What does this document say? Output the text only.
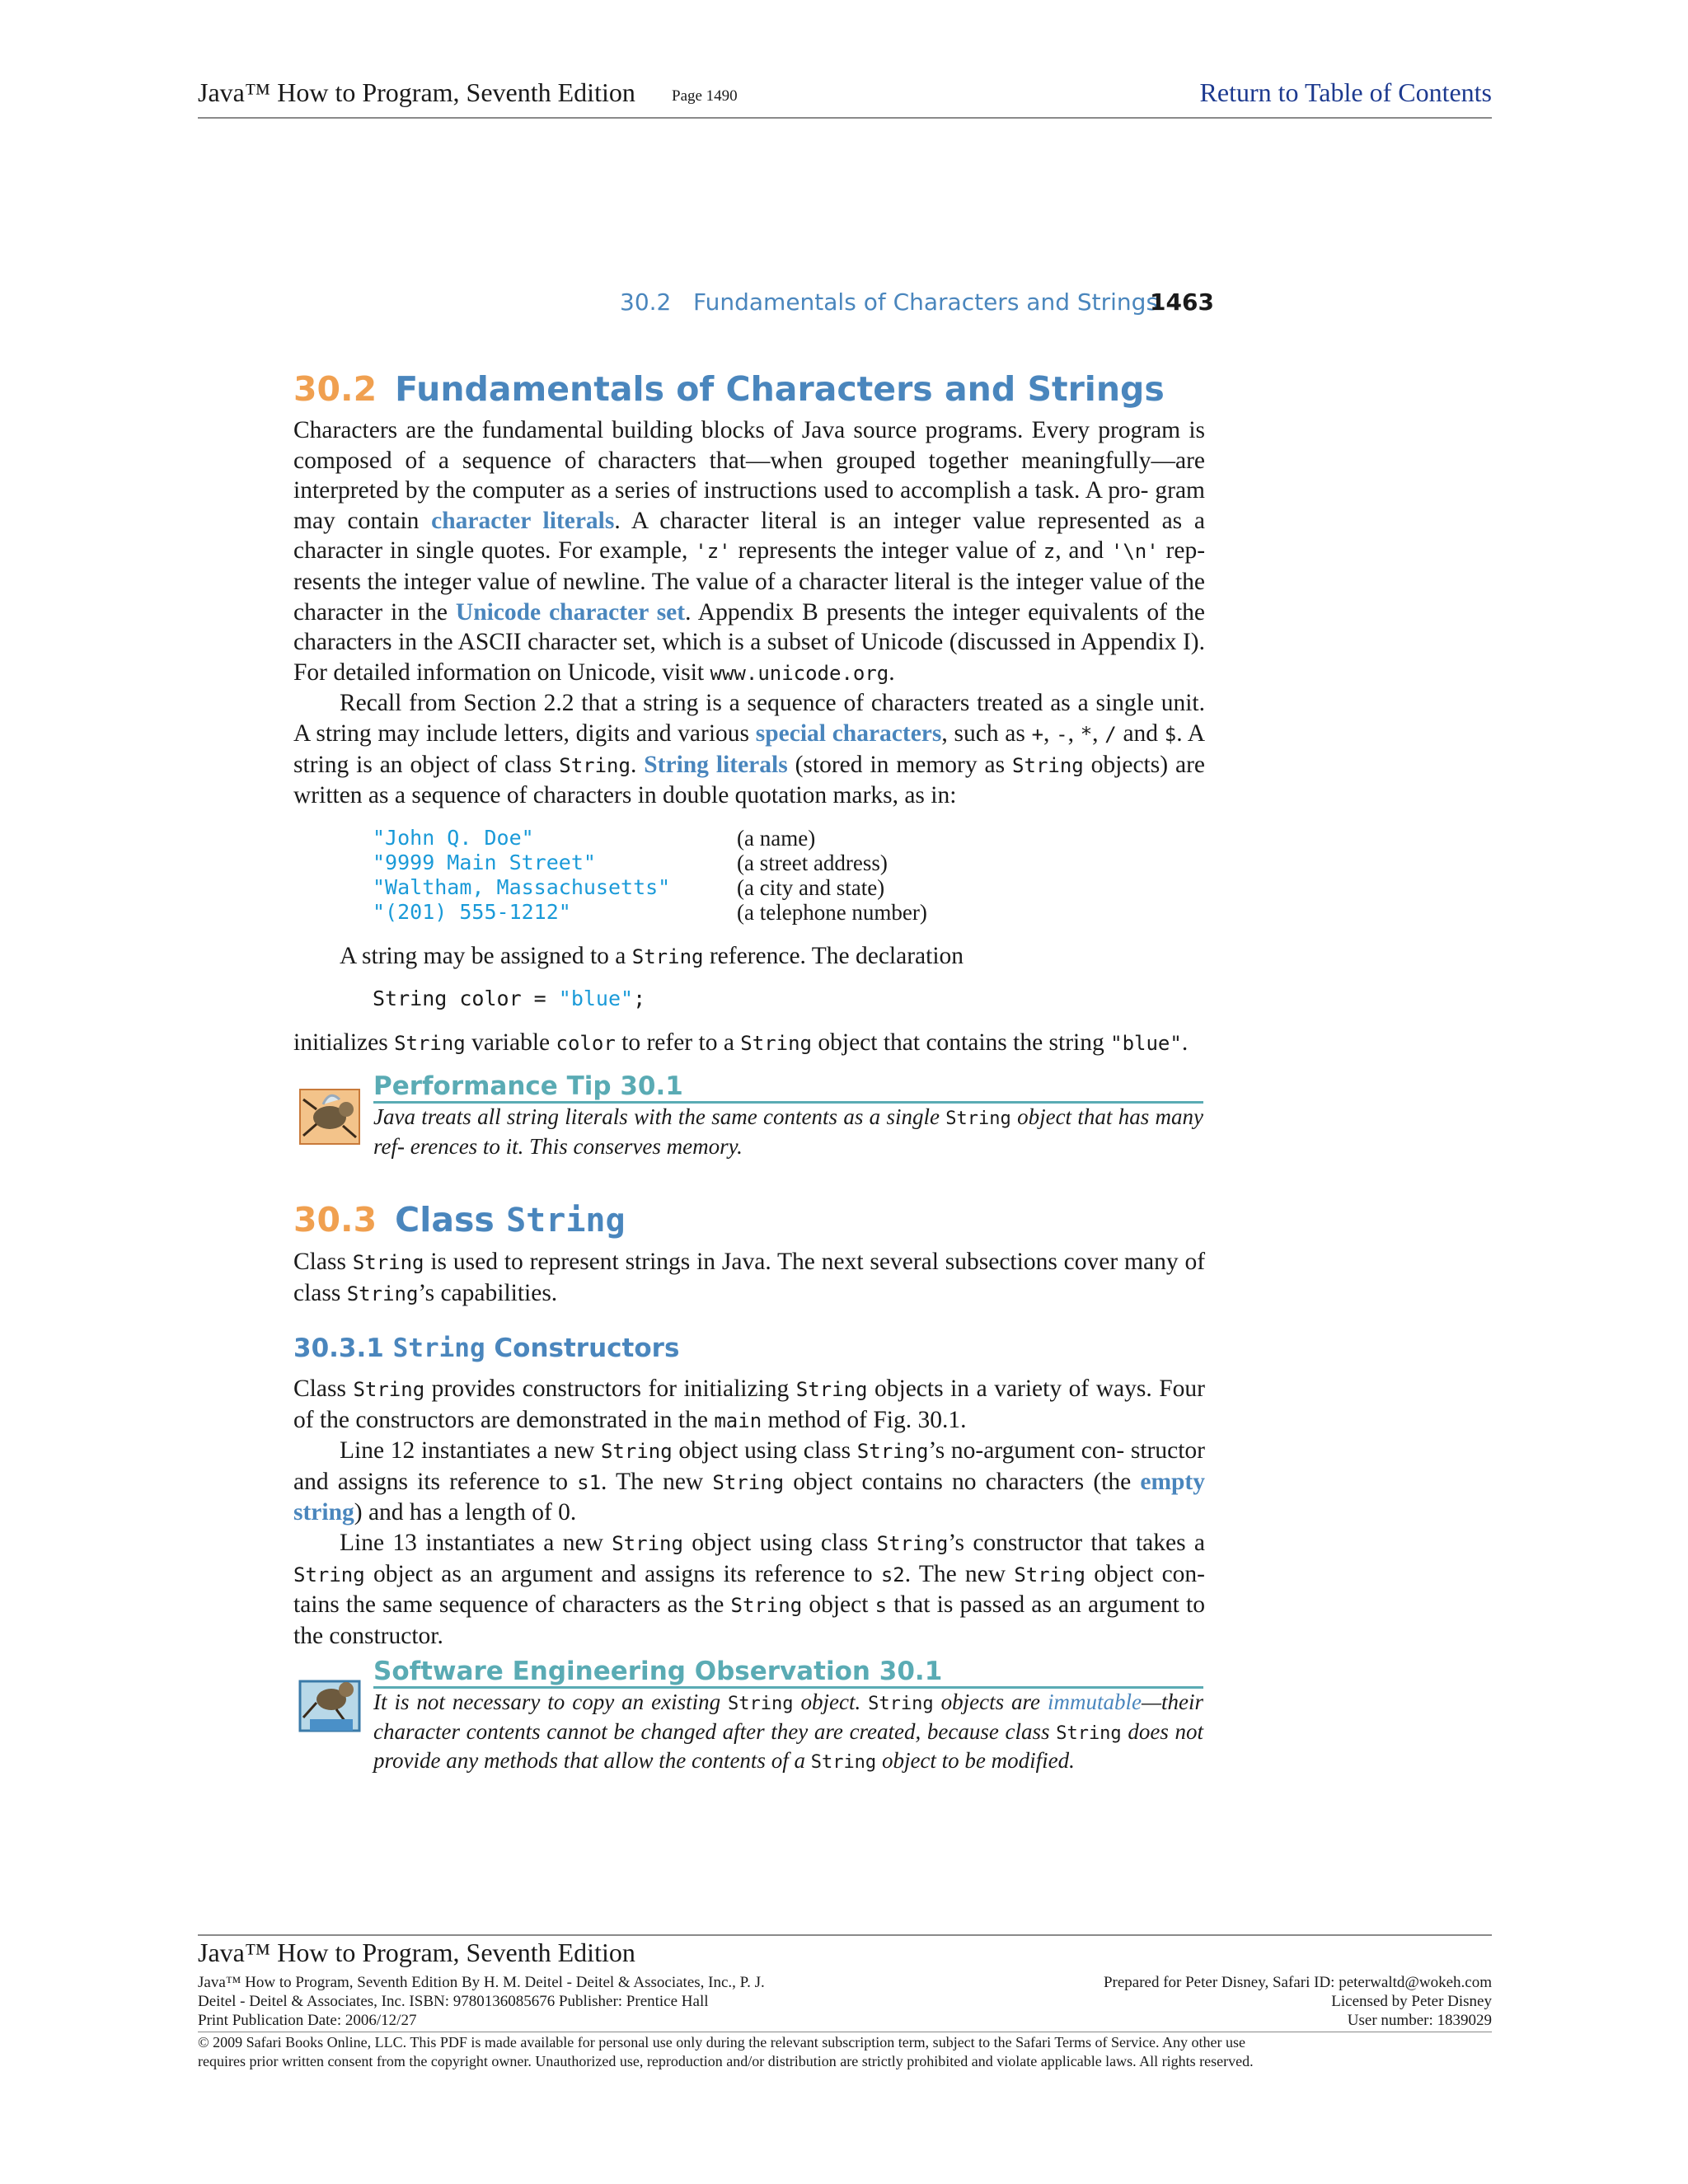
Java™ How to Program, Seventh Edition Page 1490	Return to Table of Contents
30.2   Fundamentals of Characters and Strings
1463
30.2 Fundamentals of Characters and Strings

Characters are the fundamental building blocks of Java source programs. Every program is composed of a sequence of characters that—when grouped together meaningfully—are interpreted by the computer as a series of instructions used to accomplish a task. A pro- gram may contain character literals. A character literal is an integer value represented as a character in single quotes. For example, 'z' represents the integer value of z, and '\n' rep- resents the integer value of newline. The value of a character literal is the integer value of the character in the Unicode character set. Appendix B presents the integer equivalents of the characters in the ASCII character set, which is a subset of Unicode (discussed in Appendix I). For detailed information on Unicode, visit www.unicode.org.

Recall from Section 2.2 that a string is a sequence of characters treated as a single unit. A string may include letters, digits and various special characters, such as +, -, *, / and $. A string is an object of class String. String literals (stored in memory as String objects) are written as a sequence of characters in double quotation marks, as in:

"John Q. Doe"	(a name)
"9999 Main Street"	(a street address)
"Waltham, Massachusetts"	(a city and state)
"(201) 555-1212"	(a telephone number)
A string may be assigned to a String reference. The declaration
String color = "blue";
initializes String variable color to refer to a String object that contains the string "blue".
Performance Tip 30.1
Java treats all string literals with the same contents as a single String object that has many ref- erences to it. This conserves memory.
30.3 Class String
Class String is used to represent strings in Java. The next several subsections cover many of class String’s capabilities.
30.3.1 String Constructors

Class String provides constructors for initializing String objects in a variety of ways. Four of the constructors are demonstrated in the main method of Fig. 30.1.

Line 12 instantiates a new String object using class String’s no-argument con- structor and assigns its reference to s1. The new String object contains no characters (the empty string) and has a length of 0.

Line 13 instantiates a new String object using class String’s constructor that takes a String object as an argument and assigns its reference to s2. The new String object con- tains the same sequence of characters as the String object s that is passed as an argument to the constructor.

Software Engineering Observation 30.1
It is not necessary to copy an existing String object. String objects are immutable—their character contents cannot be changed after they are created, because class String does not provide any methods that allow the contents of a String object to be modified.
Java™ How to Program, Seventh Edition
Java™ How to Program, Seventh Edition By H. M. Deitel - Deitel & Associates, Inc., P. J.
Deitel - Deitel & Associates, Inc. ISBN: 9780136085676 Publisher: Prentice Hall
Print Publication Date: 2006/12/27
Prepared for Peter Disney, Safari ID: peterwaltd@wokeh.com
Licensed by Peter Disney
User number: 1839029
© 2009 Safari Books Online, LLC. This PDF is made available for personal use only during the relevant subscription term, subject to the Safari Terms of Service. Any other use
requires prior written consent from the copyright owner. Unauthorized use, reproduction and/or distribution are strictly prohibited and violate applicable laws. All rights reserved.
